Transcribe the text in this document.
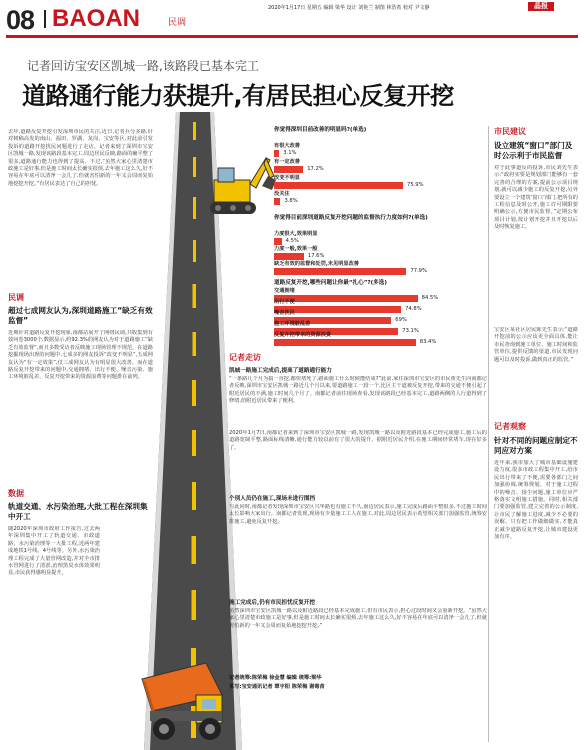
08 BAOAN	民调
2020年1月17日 星期五 编辑 梁华 设计 刘艳兰 制图 林浩希 校对 尹文静	晶报
记者回访宝安区凯城一路,该路段已基本完工
道路通行能力获提升,有居民担心反复开挖
去年,道路反复开挖引发深圳市民的关注,近日,记者兵分多路,针对树稿高发的南山、福田、罗湖、龙岗、宝安等区,对此前引发投诉的道路开挖扰民问题进行了走访。记者来到了深圳市宝安区凯城一路,发现该路段基本完工,周边居民反映,路面的确平整了很多,道路通行能力也得到了提高。不过,“虽然大家心里清楚市政施工是好事,但是施工时间太长确实很烦,去年施工这么久,好不容易在年底可以清净一会儿了,但就害怕新的一年又会周而复始地挖挖开挖。”有居民表达了自己的担忧。
民调
超过七成网友认为,深圳道路施工“缺乏有效监督”
近期针对道路反复开挖现象,南都站展开了网络民调,共收集到有效问卷3000个,数据显示,约92.3%的网友认为对于道路施工“缺乏有效监督”,而且多数受访者反映施工现场管理不规范。在道路挖掘现场出现的问题中,七成多的网友投诉“改变不明显”,五成网友认为“有一定效果”,仅三成网友认为有明显很大改善。而在道路反复开挖带来的问题中,交通拥堵、出行不便、噪音污染、施工环境脏乱差、反复开挖带来的资源浪费等问题排在前列。
数据
轨道交通、水污染治理,大批工程在深圳集中开工
随2020年深圳市政府工作报告,过去两年深圳集中开工了轨道交通、市政道路、水污染治理等一大批工程,近两年建成地铁1号线、4号线等。另外,水污染治理工程完成了大量管网改造,并对全市排水管网进行了清淤,治理黑臭水体效果明显,市民获得感明显提升。
你觉得深圳目前改善的明显吗?(单选)
有很大改善
3.1%
有一定改善
17.2%
改变不明显
75.9%
没关注
3.8%
你觉得目前深圳道路反复开挖问题的监督执行力度如何?(单选)
力度很大,效果明显
4.5%
力度一般,效果一般
17.6%
缺乏有效的监督和处罚,未见明显改善
77.9%
道路反复开挖,哪些问题让你最“扎心”?(多选)
交通拥堵
84.5%
出行不便
74.8%
噪音扰民
69%
施工环境脏乱差
73.1%
反复开挖带来的资源浪费
83.4%
记者走访
凯城一路施工完成后,提高了道路通行能力
“一条路几个月为搞一直挖,都快堵死了,路面施工什么时候能结束?”此前,家住深圳市宝安区的市民黄先生向南都记者反映,深圳市宝安区凯城一路近几个月以来,要道路施工一段一个,比区主干道被反复开挖,带来的交通不便引起了附近居民的不满,施工时间几个月了。南都记者前往现场查看,发现该路段已经基本完工,道路两侧的人行道得到了修缮,给附近居民带来了便利。
2020年1月7日,南都记者来到了深圳市宝安区凯城一路,发现凯城一路以及附近路段基本已经完成施工,施工后的道路宽阔平整,路面标线清晰,通行能力较以前有了很大的提升。据附近居民介绍,在施工期间经常堵车,现在好多了。
个别人员仍在施工,现场未进行围挡
与此同时,南都记者发现深圳市宝安区兴华路也有施工不久,南边居民表示,施工完成后路面平整很多,不过施工时间太长影响大家出行。南都记者发现,现场有少量施工工人在施工,对此,周边居民表示希望相关部门加强监管,统筹安排施工,避免反复开挖。
施工完成后,仍有市民担忧反复开挖
虽然深圳市宝安区凯城一路以及附近路段已经基本完成施工,但有市民表示,担心过段时间又会重新开挖。“虽然大家心里清楚市政施工是好事,但是施工时间太长确实很烦,去年施工这么久,好不容易在年底可以清净一会儿了,但就害怕新的一年又会周而复始地挖挖开挖。”
记者统筹:陈荣梅 徐金慧 编辑 统筹:梁华
采写:宝安通讯记者 覃宇阳 陈荣梅 谢毒苗
市民建议
设立建筑“窗口”部门及时公示利于市民监督
对于此事道反的投诉,市民刘先生表示:“政府实要是规划部门能够有一套完善的合理的方案,提前公示项目规划,就可以减少施工的反复开挖,另外要设立一个建筑‘窗口’部门,把所有的工程信息及时公开,施工许可期限要明确公示,方便市民监督。”定期公布项目计划,按计划开挖并且开挖以后及时恢复施工。
宝安区某社区居民陈先生表示:“道路开挖前的公示应该更全面具体,能让市民查询到施工单位、施工时间和监管单位,提供反馈的渠道,市民发现问题可以及时投诉,做到真正的监管。”
记者观察
针对不同的问题应制定不同应对方案
近年来,我市加大了城市基础设施建设力度,很多市政工程集中开工,给市民出行带来了不便,需要各部门之间加强协调,统筹规划。对于施工过程中的噪音、扬尘问题,施工单位应严格落实文明施工措施。同时,相关部门要加强监管,建立完善的公示制度,让市民了解施工进度,减少不必要的误解。只有把工作做细做实,才能真正减少道路反复开挖,让城市建设更加有序。
